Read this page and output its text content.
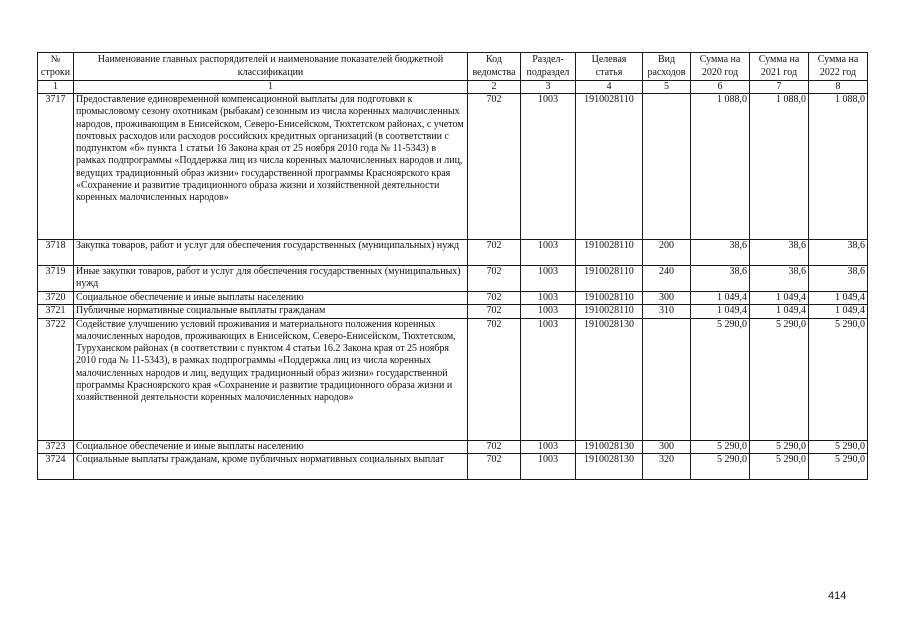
№ строки	Наименование главных распорядителей и наименование показателей бюджетной классификации	Код ведомства	Раздел-подраздел	Целевая статья	Вид расходов	Сумма на 2020 год	Сумма на 2021 год	Сумма на 2022 год
1	1	2	3	4	5	6	7	8
3717	Предоставление единовременной компенсационной выплаты для подготовки к промысловому сезону охотникам (рыбакам) сезонным из числа коренных малочисленных народов, проживающим в Енисейском, Северо-Енисейском, Тюхтетском районах, с учетом почтовых расходов или расходов российских кредитных организаций (в соответствии с подпунктом «б» пункта 1 статьи 16 Закона края от 25 ноября 2010 года № 11-5343) в рамках подпрограммы «Поддержка лиц из числа коренных малочисленных народов и лиц, ведущих традиционный образ жизни» государственной программы Красноярского края «Сохранение и развитие традиционного образа жизни и хозяйственной деятельности коренных малочисленных народов»	702	1003	1910028110		1 088,0	1 088,0	1 088,0
3718	Закупка товаров, работ и услуг для обеспечения государственных (муниципальных) нужд	702	1003	1910028110	200	38,6	38,6	38,6
3719	Иные закупки товаров, работ и услуг для обеспечения государственных (муниципальных) нужд	702	1003	1910028110	240	38,6	38,6	38,6
3720	Социальное обеспечение и иные выплаты населению	702	1003	1910028110	300	1 049,4	1 049,4	1 049,4
3721	Публичные нормативные социальные выплаты гражданам	702	1003	1910028110	310	1 049,4	1 049,4	1 049,4
3722	Содействие улучшению условий проживания и материального положения коренных малочисленных народов, проживающих в Енисейском, Северо-Енисейском, Тюхтетском, Туруханском районах (в соответствии с пунктом 4 статьи 16.2 Закона края от 25 ноября 2010 года № 11-5343), в рамках подпрограммы «Поддержка лиц из числа коренных малочисленных народов и лиц, ведущих традиционный образ жизни» государственной программы Красноярского края «Сохранение и развитие традиционного образа жизни и хозяйственной деятельности коренных малочисленных народов»	702	1003	1910028130		5 290,0	5 290,0	5 290,0
3723	Социальное обеспечение и иные выплаты населению	702	1003	1910028130	300	5 290,0	5 290,0	5 290,0
3724	Социальные выплаты гражданам, кроме публичных нормативных социальных выплат	702	1003	1910028130	320	5 290,0	5 290,0	5 290,0
414
